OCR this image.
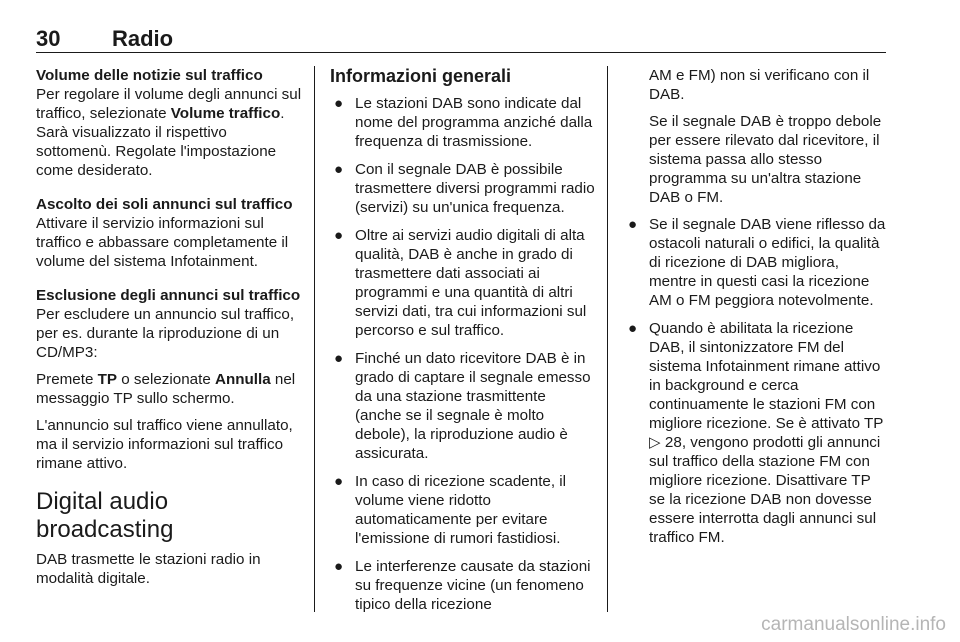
30 Radio

Volume delle notizie sul traffico

Per regolare il volume degli annunci sul traffico, selezionate Volume traffico. Sarà visualizzato il rispettivo sottomenù. Regolate l'impostazione come desiderato.

Ascolto dei soli annunci sul traffico

Attivare il servizio informazioni sul traffico e abbassare completamente il volume del sistema Infotainment.

Esclusione degli annunci sul traffico

Per escludere un annuncio sul traffico, per es. durante la riproduzione di un CD/MP3:

Premete TP o selezionate Annulla nel messaggio TP sullo schermo.

L'annuncio sul traffico viene annullato, ma il servizio informazioni sul traffico rimane attivo.

Digital audio broadcasting

DAB trasmette le stazioni radio in modalità digitale.

Informazioni generali
● Le stazioni DAB sono indicate dal nome del programma anziché dalla frequenza di trasmissione.
● Con il segnale DAB è possibile trasmettere diversi programmi radio (servizi) su un'unica frequenza.
● Oltre ai servizi audio digitali di alta qualità, DAB è anche in grado di trasmettere dati associati ai programmi e una quantità di altri servizi dati, tra cui informazioni sul percorso e sul traffico.
● Finché un dato ricevitore DAB è in grado di captare il segnale emesso da una stazione trasmittente (anche se il segnale è molto debole), la riproduzione audio è assicurata.
● In caso di ricezione scadente, il volume viene ridotto automaticamente per evitare l'emissione di rumori fastidiosi.
● Le interferenze causate da stazioni su frequenze vicine (un fenomeno tipico della ricezione

AM e FM) non si verificano con il DAB.

Se il segnale DAB è troppo debole per essere rilevato dal ricevitore, il sistema passa allo stesso programma su un'altra stazione DAB o FM.

● Se il segnale DAB viene riflesso da ostacoli naturali o edifici, la qualità di ricezione di DAB migliora, mentre in questi casi la ricezione AM o FM peggiora notevolmente.
● Quando è abilitata la ricezione DAB, il sintonizzatore FM del sistema Infotainment rimane attivo in background e cerca continuamente le stazioni FM con migliore ricezione. Se è attivato TP ▷ 28, vengono prodotti gli annunci sul traffico della stazione FM con migliore ricezione. Disattivare TP se la ricezione DAB non dovesse essere interrotta dagli annunci sul traffico FM.
carmanualsonline.info
